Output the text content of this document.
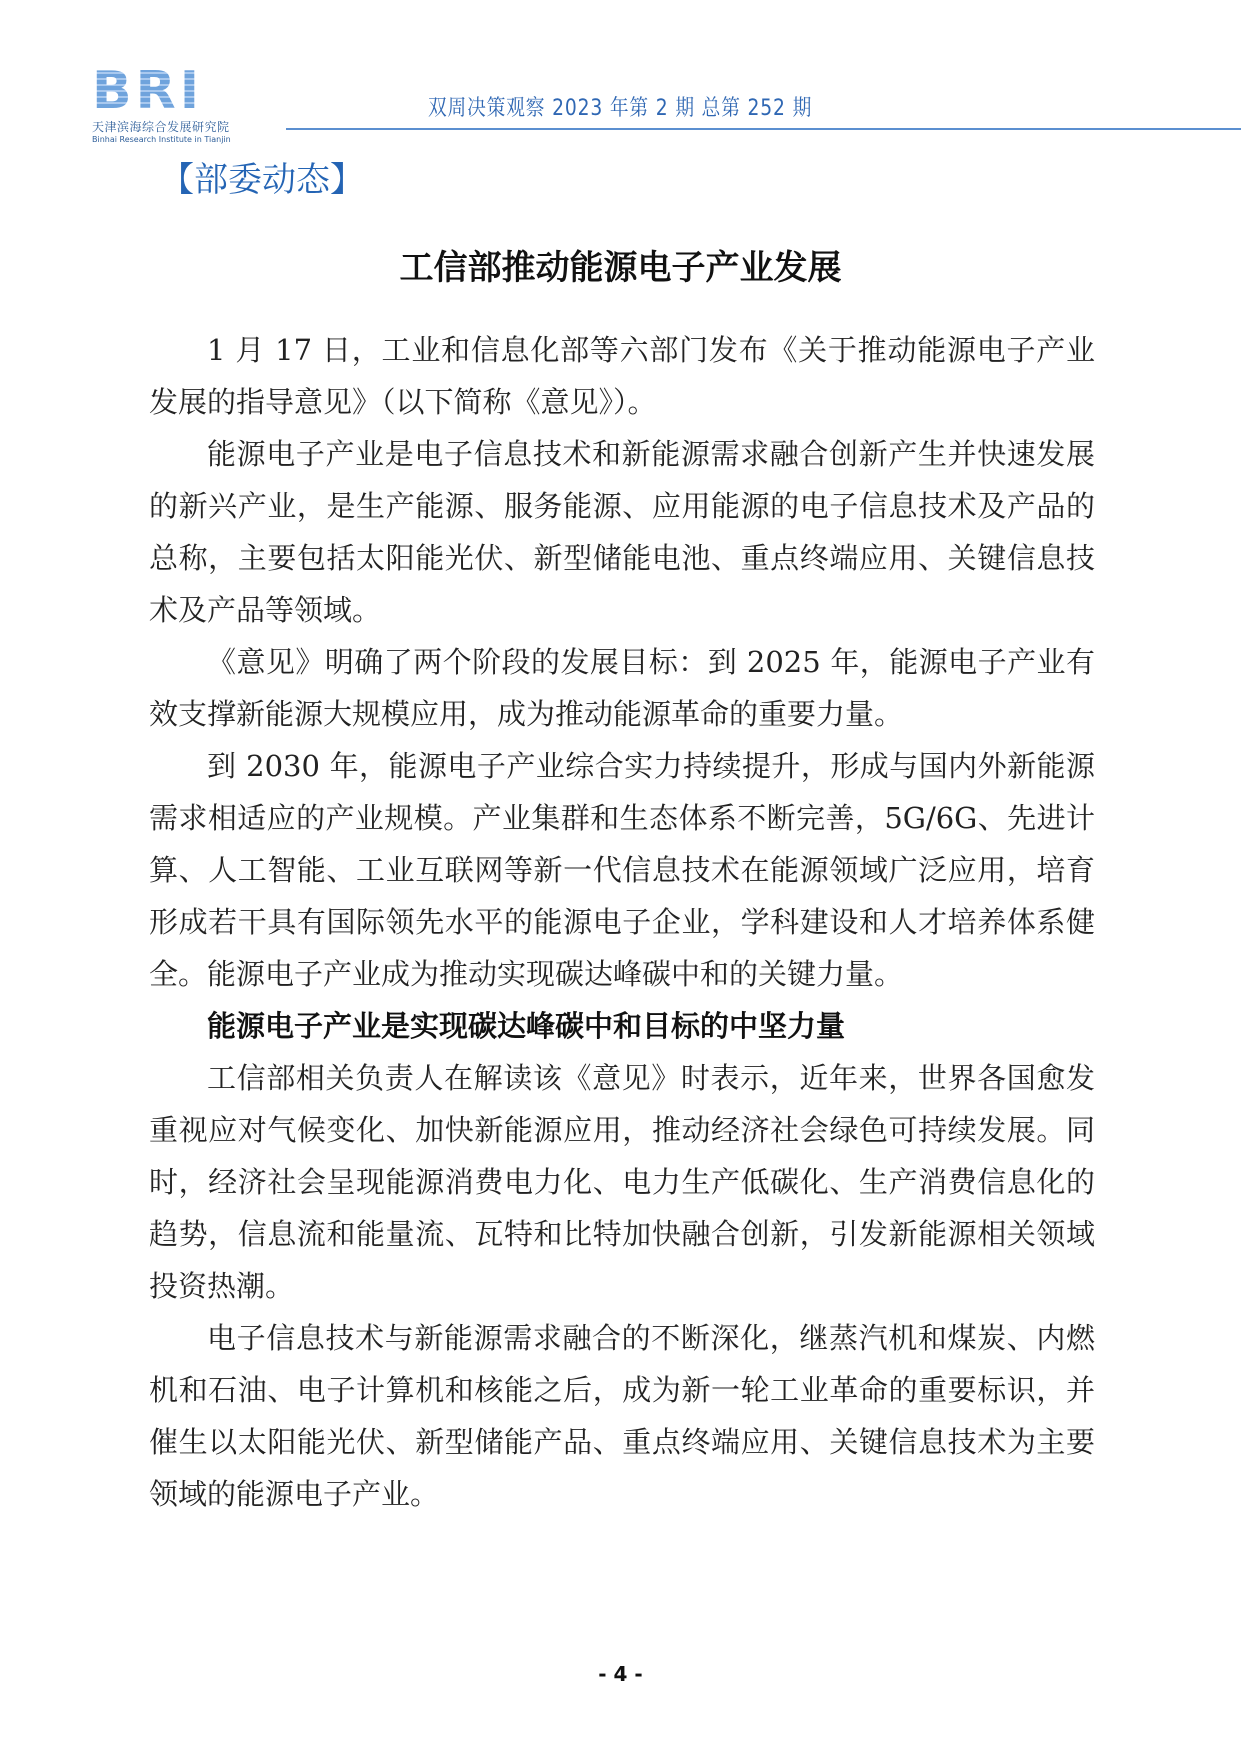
B R I
天津滨海综合发展研究院
Binhai Research Institute in Tianjin
双周决策观察 2023 年第 2 期 总第 252 期
【部委动态】
工信部推动能源电子产业发展

1 月 17 日，工业和信息化部等六部门发布《关于推动能源电子产业发展的指导意见》（以下简称《意见》）。

能源电子产业是电子信息技术和新能源需求融合创新产生并快速发展的新兴产业，是生产能源、服务能源、应用能源的电子信息技术及产品的总称，主要包括太阳能光伏、新型储能电池、重点终端应用、关键信息技术及产品等领域。

《意见》明确了两个阶段的发展目标：到 2025 年，能源电子产业有效支撑新能源大规模应用，成为推动能源革命的重要力量。

到 2030 年，能源电子产业综合实力持续提升，形成与国内外新能源需求相适应的产业规模。产业集群和生态体系不断完善，5G/6G、先进计算、人工智能、工业互联网等新一代信息技术在能源领域广泛应用，培育形成若干具有国际领先水平的能源电子企业，学科建设和人才培养体系健全。能源电子产业成为推动实现碳达峰碳中和的关键力量。

能源电子产业是实现碳达峰碳中和目标的中坚力量

工信部相关负责人在解读该《意见》时表示，近年来，世界各国愈发重视应对气候变化、加快新能源应用，推动经济社会绿色可持续发展。同时，经济社会呈现能源消费电力化、电力生产低碳化、生产消费信息化的趋势，信息流和能量流、瓦特和比特加快融合创新，引发新能源相关领域投资热潮。

电子信息技术与新能源需求融合的不断深化，继蒸汽机和煤炭、内燃机和石油、电子计算机和核能之后，成为新一轮工业革命的重要标识，并催生以太阳能光伏、新型储能产品、重点终端应用、关键信息技术为主要领域的能源电子产业。

- 4 -
